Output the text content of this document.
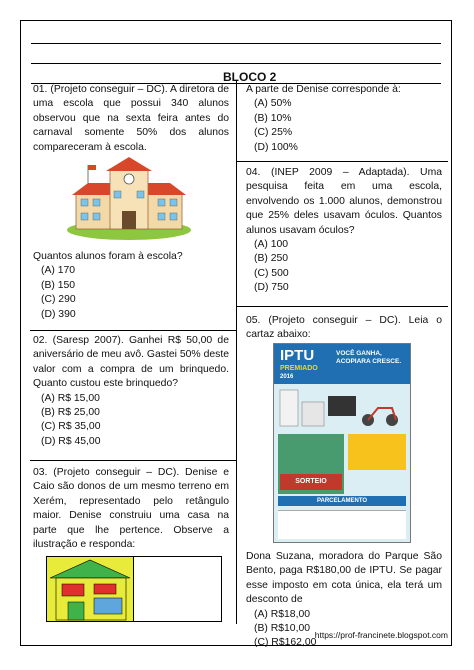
BLOCO 2

01. (Projeto conseguir – DC). A diretora de uma escola que possui 340 alunos observou que na sexta feira antes do carnaval somente 50% dos alunos compareceram à escola.

Quantos alunos foram à escola?

(A) 170

(B) 150

(C) 290

(D) 390

02. (Saresp 2007). Ganhei R$ 50,00 de aniversário de meu avô. Gastei 50% deste valor com a compra de um brinquedo. Quanto custou este brinquedo?

(A) R$ 15,00

(B) R$ 25,00

(C) R$ 35,00

(D) R$ 45,00

03. (Projeto conseguir – DC). Denise e Caio são donos de um mesmo terreno em Xerém, representado pelo retângulo maior. Denise construiu uma casa na parte que lhe pertence. Observe a ilustração e responda:

A parte de Denise corresponde à:

(A) 50%

(B) 10%

(C) 25%

(D) 100%

04. (INEP 2009 – Adaptada). Uma pesquisa feita em uma escola, envolvendo os 1.000 alunos, demonstrou que 25% deles usavam óculos. Quantos alunos usavam óculos?

(A) 100

(B) 250

(C) 500

(D) 750

05. (Projeto conseguir – DC). Leia o cartaz abaixo:

IPTU
PREMIADO
2016
VOCÊ GANHA, ACOPIARA CRESCE.
SORTEIO
PARCELAMENTO

Dona Suzana, moradora do Parque São Bento, paga R$180,00 de IPTU. Se pagar esse imposto em cota única, ela terá um desconto de

(A) R$18,00

(B) R$10,00

(C) R$162,00

https://prof-francinete.blogspot.com
